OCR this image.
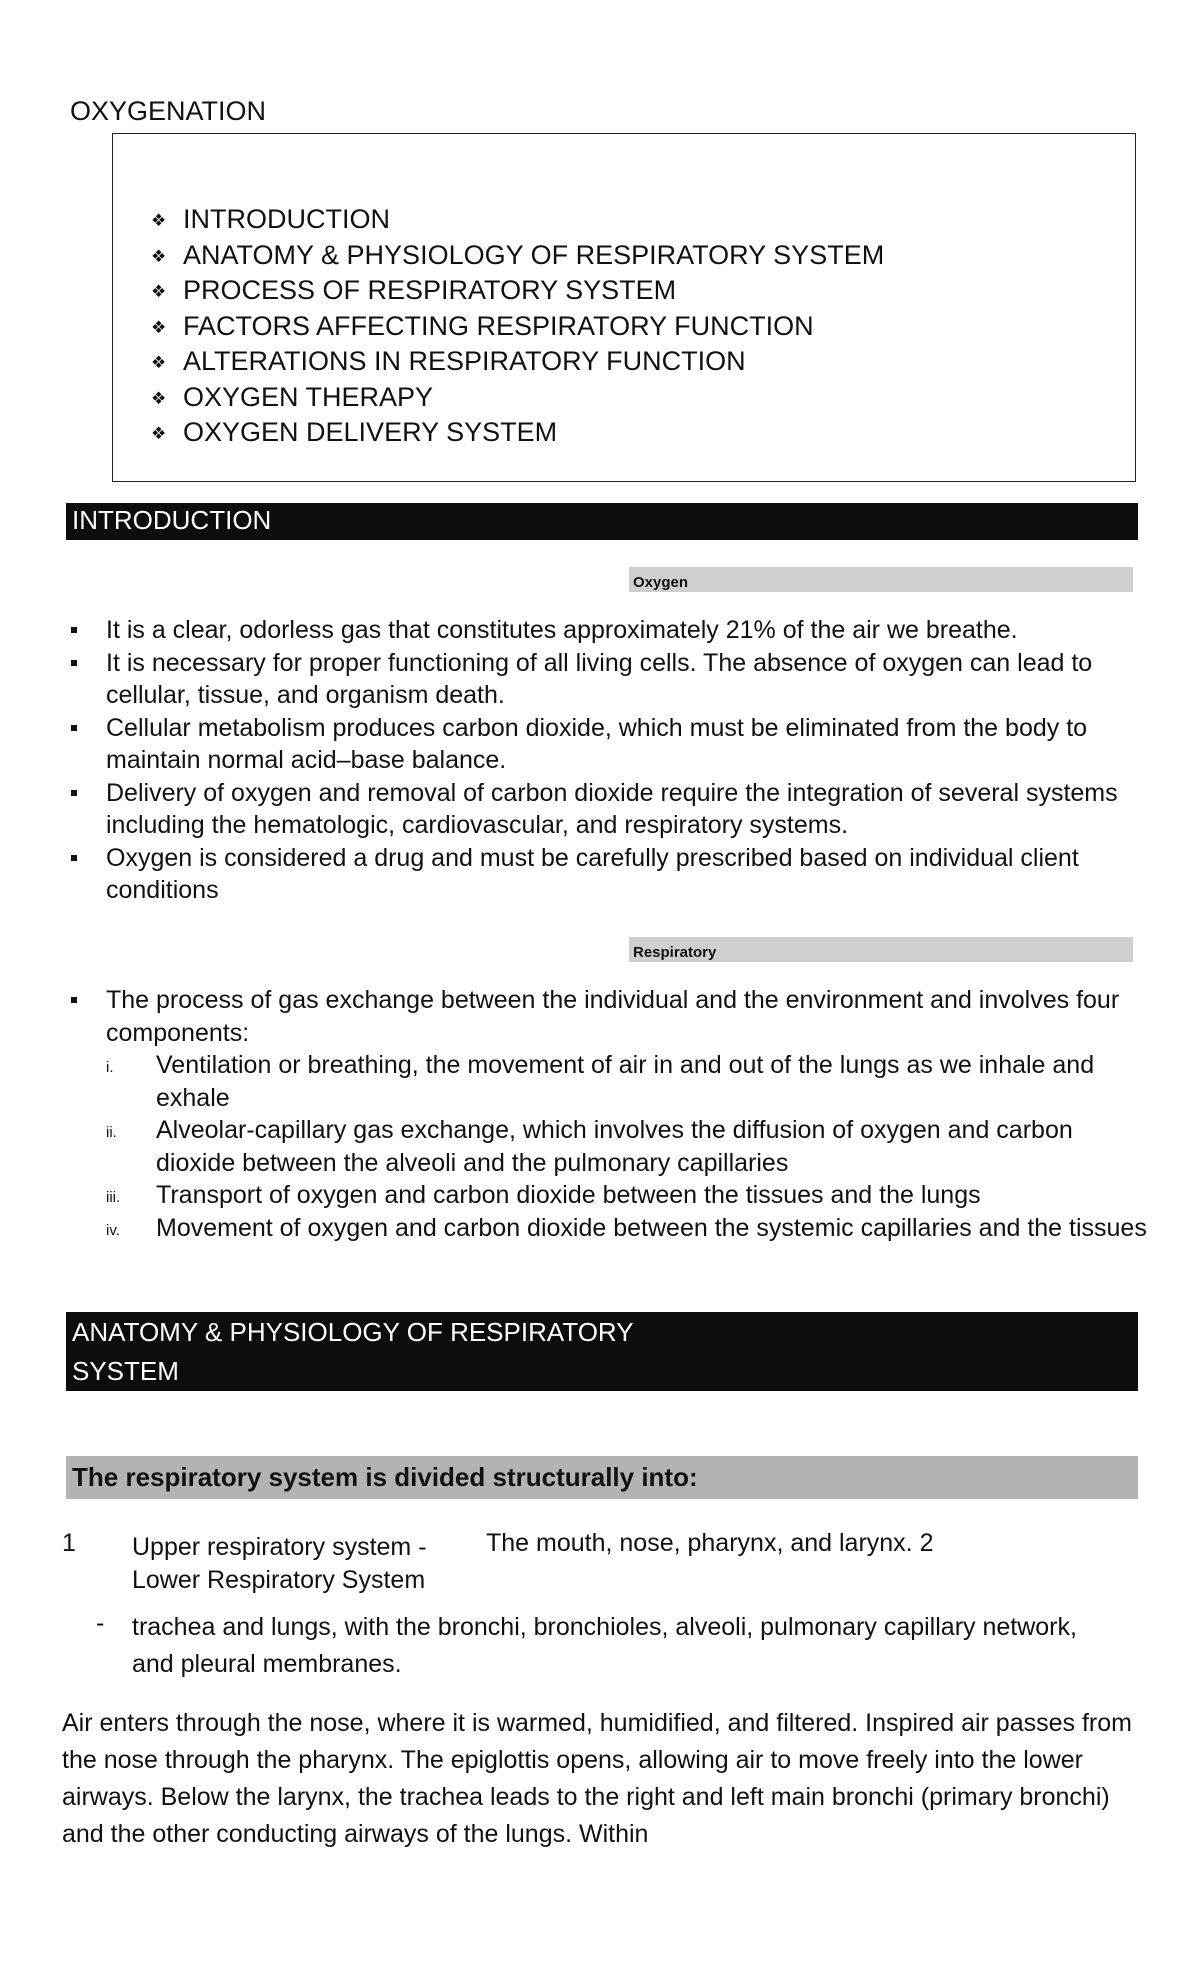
OXYGENATION
❖ INTRODUCTION
❖ ANATOMY & PHYSIOLOGY OF RESPIRATORY SYSTEM
❖ PROCESS OF RESPIRATORY SYSTEM
❖ FACTORS AFFECTING RESPIRATORY FUNCTION
❖ ALTERATIONS IN RESPIRATORY FUNCTION
❖ OXYGEN THERAPY
❖ OXYGEN DELIVERY SYSTEM
INTRODUCTION
Oxygen
It is a clear, odorless gas that constitutes approximately 21% of the air we breathe.
It is necessary for proper functioning of all living cells. The absence of oxygen can lead to cellular, tissue, and organism death.
Cellular metabolism produces carbon dioxide, which must be eliminated from the body to maintain normal acid–base balance.
Delivery of oxygen and removal of carbon dioxide require the integration of several systems including the hematologic, cardiovascular, and respiratory systems.
Oxygen is considered a drug and must be carefully prescribed based on individual client conditions
Respiratory
The process of gas exchange between the individual and the environment and involves four components:
i. Ventilation or breathing, the movement of air in and out of the lungs as we inhale and exhale
ii. Alveolar-capillary gas exchange, which involves the diffusion of oxygen and carbon dioxide between the alveoli and the pulmonary capillaries
iii. Transport of oxygen and carbon dioxide between the tissues and the lungs
iv. Movement of oxygen and carbon dioxide between the systemic capillaries and the tissues
ANATOMY & PHYSIOLOGY OF RESPIRATORY
SYSTEM
The respiratory system is divided structurally into:
1 Upper respiratory system - The mouth, nose, pharynx, and larynx. 2
Lower Respiratory System
- trachea and lungs, with the bronchi, bronchioles, alveoli, pulmonary capillary network, and pleural membranes.
Air enters through the nose, where it is warmed, humidified, and filtered. Inspired air passes from the nose through the pharynx. The epiglottis opens, allowing air to move freely into the lower airways. Below the larynx, the trachea leads to the right and left main bronchi (primary bronchi) and the other conducting airways of the lungs. Within
